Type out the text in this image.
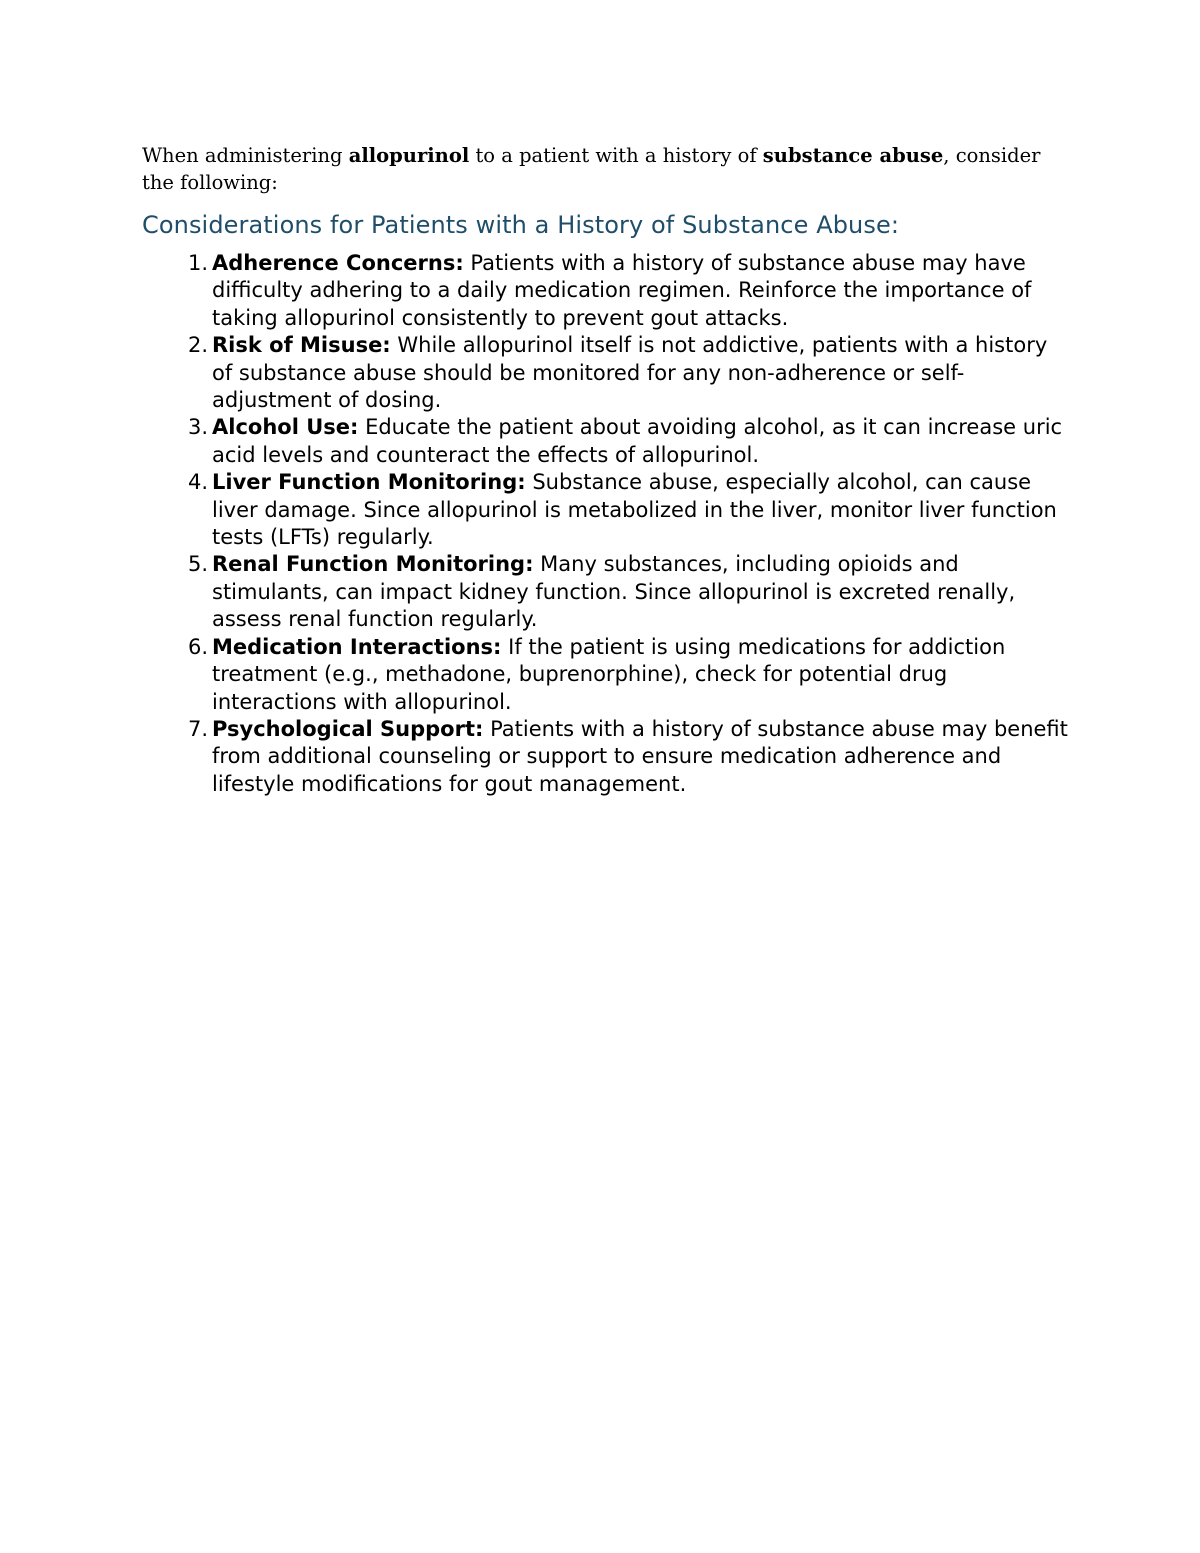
When administering allopurinol to a patient with a history of substance abuse, consider the following:

Considerations for Patients with a History of Substance Abuse:
1. Adherence Concerns: Patients with a history of substance abuse may have difficulty adhering to a daily medication regimen. Reinforce the importance of taking allopurinol consistently to prevent gout attacks.
2. Risk of Misuse: While allopurinol itself is not addictive, patients with a history of substance abuse should be monitored for any non-adherence or self-adjustment of dosing.
3. Alcohol Use: Educate the patient about avoiding alcohol, as it can increase uric acid levels and counteract the effects of allopurinol.
4. Liver Function Monitoring: Substance abuse, especially alcohol, can cause liver damage. Since allopurinol is metabolized in the liver, monitor liver function tests (LFTs) regularly.
5. Renal Function Monitoring: Many substances, including opioids and stimulants, can impact kidney function. Since allopurinol is excreted renally, assess renal function regularly.
6. Medication Interactions: If the patient is using medications for addiction treatment (e.g., methadone, buprenorphine), check for potential drug interactions with allopurinol.
7. Psychological Support: Patients with a history of substance abuse may benefit from additional counseling or support to ensure medication adherence and lifestyle modifications for gout management.
